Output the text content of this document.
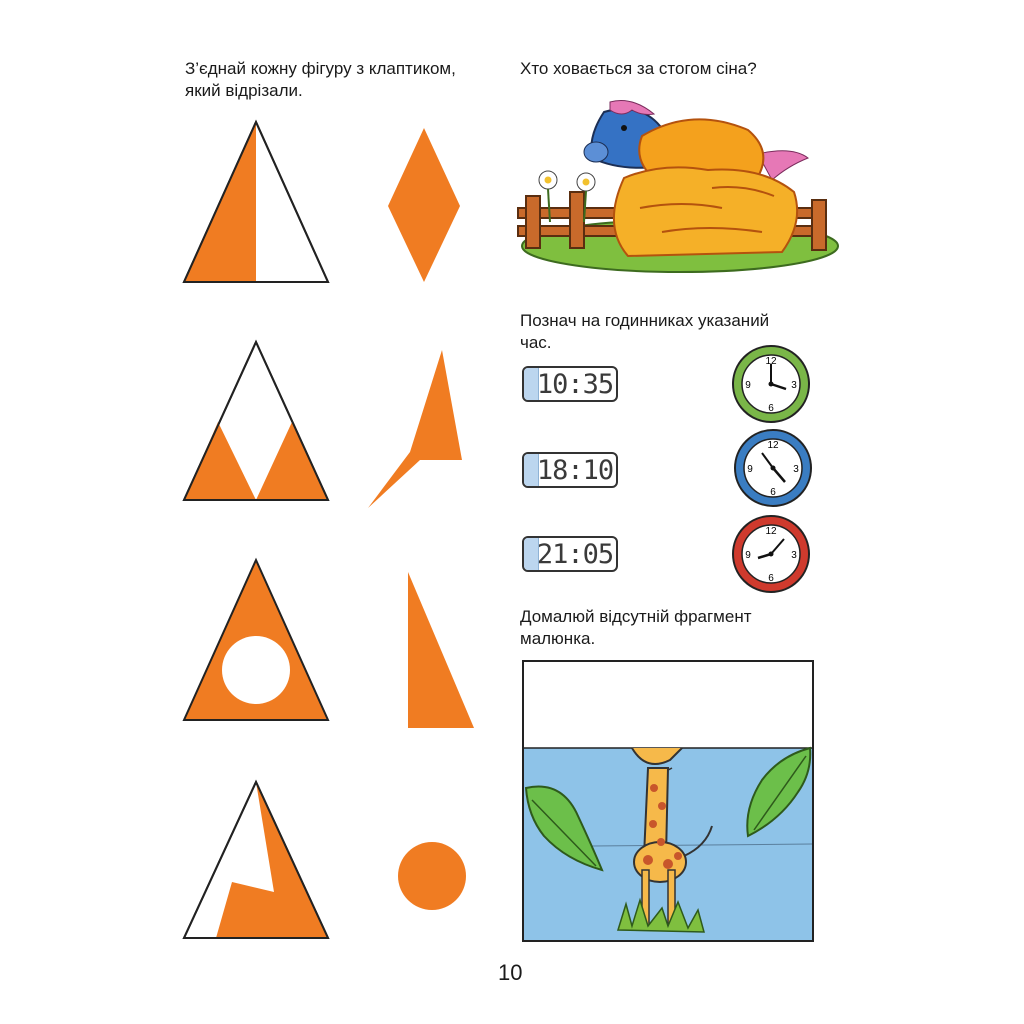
З’єднай кожну фігуру з клаптиком,
який відрізали.
Хто ховається за стогом сіна?
Познач на годинниках указаний
час.
10:35
18:10
21:05
12
3
6
9
12
3
6
9
12
3
6
9
Домалюй відсутній фрагмент
малюнка.
10
